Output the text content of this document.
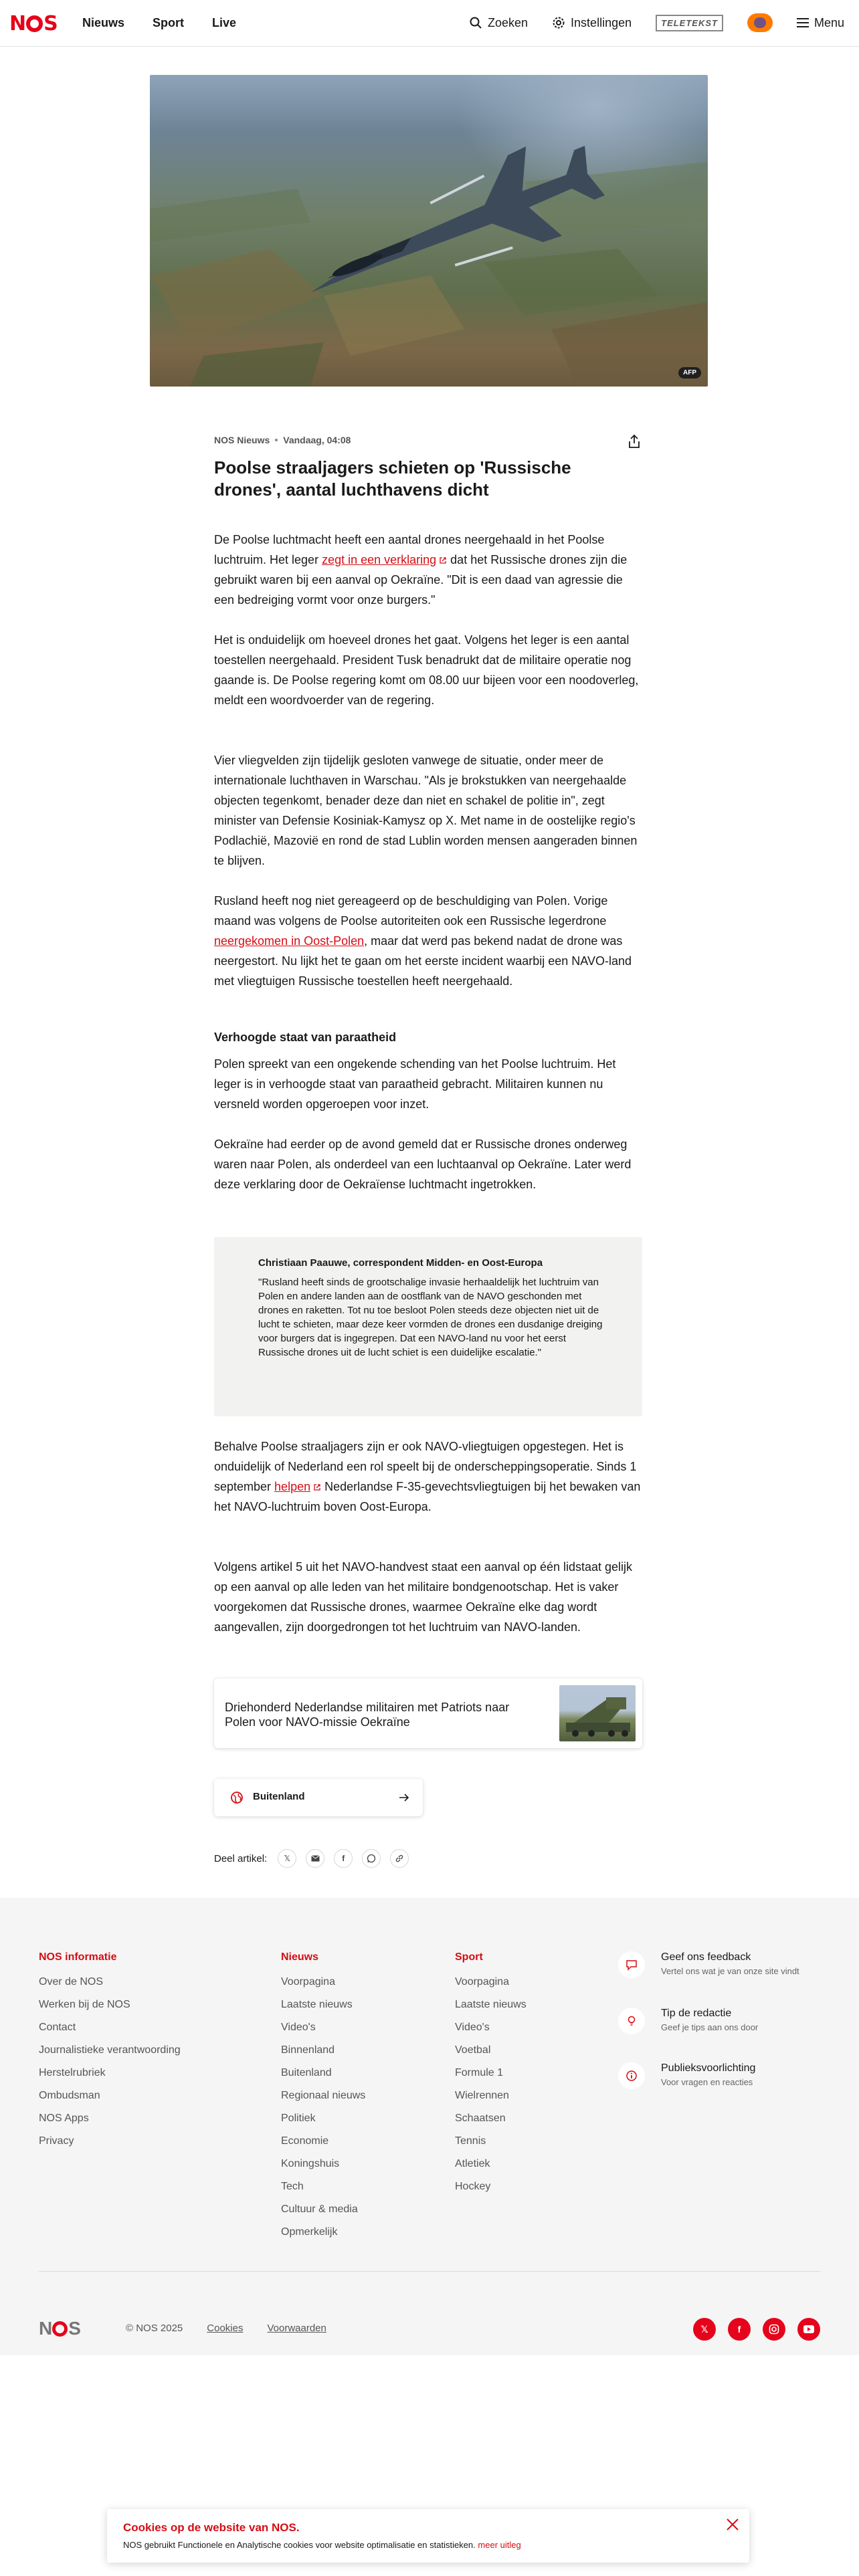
N S Nieuws Sport Live	Zoeken	Instellingen	TELETEKST	Menu
AFP
NOS Nieuws Vandaag, 04:08
Poolse straaljagers schieten op 'Russische drones', aantal luchthavens dicht

De Poolse luchtmacht heeft een aantal drones neergehaald in het Poolse luchtruim. Het leger zegt in een verklaring dat het Russische drones zijn die gebruikt waren bij een aanval op Oekraïne. "Dit is een daad van agressie die een bedreiging vormt voor onze burgers."

Het is onduidelijk om hoeveel drones het gaat. Volgens het leger is een aantal toestellen neergehaald. President Tusk benadrukt dat de militaire operatie nog gaande is. De Poolse regering komt om 08.00 uur bijeen voor een noodoverleg, meldt een woordvoerder van de regering.

Vier vliegvelden zijn tijdelijk gesloten vanwege de situatie, onder meer de internationale luchthaven in Warschau. "Als je brokstukken van neergehaalde objecten tegenkomt, benader deze dan niet en schakel de politie in", zegt minister van Defensie Kosiniak-Kamysz op X. Met name in de oostelijke regio's Podlachië, Mazovië en rond de stad Lublin worden mensen aangeraden binnen te blijven.

Rusland heeft nog niet gereageerd op de beschuldiging van Polen. Vorige maand was volgens de Poolse autoriteiten ook een Russische legerdrone neergekomen in Oost-Polen, maar dat werd pas bekend nadat de drone was neergestort. Nu lijkt het te gaan om het eerste incident waarbij een NAVO-land met vliegtuigen Russische toestellen heeft neergehaald.

Verhoogde staat van paraatheid

Polen spreekt van een ongekende schending van het Poolse luchtruim. Het leger is in verhoogde staat van paraatheid gebracht. Militairen kunnen nu versneld worden opgeroepen voor inzet.

Oekraïne had eerder op de avond gemeld dat er Russische drones onderweg waren naar Polen, als onderdeel van een luchtaanval op Oekraïne. Later werd deze verklaring door de Oekraïense luchtmacht ingetrokken.

Christiaan Paauwe, correspondent Midden- en Oost-Europa
"Rusland heeft sinds de grootschalige invasie herhaaldelijk het luchtruim van Polen en andere landen aan de oostflank van de NAVO geschonden met drones en raketten. Tot nu toe besloot Polen steeds deze objecten niet uit de lucht te schieten, maar deze keer vormden de drones een dusdanige dreiging voor burgers dat is ingegrepen. Dat een NAVO-land nu voor het eerst Russische drones uit de lucht schiet is een duidelijke escalatie."

Behalve Poolse straaljagers zijn er ook NAVO-vliegtuigen opgestegen. Het is onduidelijk of Nederland een rol speelt bij de onderscheppingsoperatie. Sinds 1 september helpen Nederlandse F-35-gevechtsvliegtuigen bij het bewaken van het NAVO-luchtruim boven Oost-Europa.

Volgens artikel 5 uit het NAVO-handvest staat een aanval op één lidstaat gelijk op een aanval op alle leden van het militaire bondgenootschap. Het is vaker voorgekomen dat Russische drones, waarmee Oekraïne elke dag wordt aangevallen, zijn doorgedrongen tot het luchtruim van NAVO-landen.

Driehonderd Nederlandse militairen met Patriots naar Polen voor NAVO-missie Oekraïne
Buitenland
Deel artikel:	𝕏	f
NOS informatie
Over de NOS
Werken bij de NOS
Contact
Journalistieke verantwoording
Herstelrubriek
Ombudsman
NOS Apps
Privacy
Nieuws
Voorpagina
Laatste nieuws
Video's
Binnenland
Buitenland
Regionaal nieuws
Politiek
Economie
Koningshuis
Tech
Cultuur & media
Opmerkelijk
Sport
Voorpagina
Laatste nieuws
Video's
Voetbal
Formule 1
Wielrennen
Schaatsen
Tennis
Atletiek
Hockey
Geef ons feedback
Vertel ons wat je van onze site vindt
Tip de redactie
Geef je tips aan ons door
Publieksvoorlichting
Voor vragen en reacties
N S	© NOS 2025 Cookies Voorwaarden	𝕏	f
Cookies op de website van NOS.
NOS gebruikt Functionele en Analytische cookies voor website optimalisatie en statistieken. meer uitleg
